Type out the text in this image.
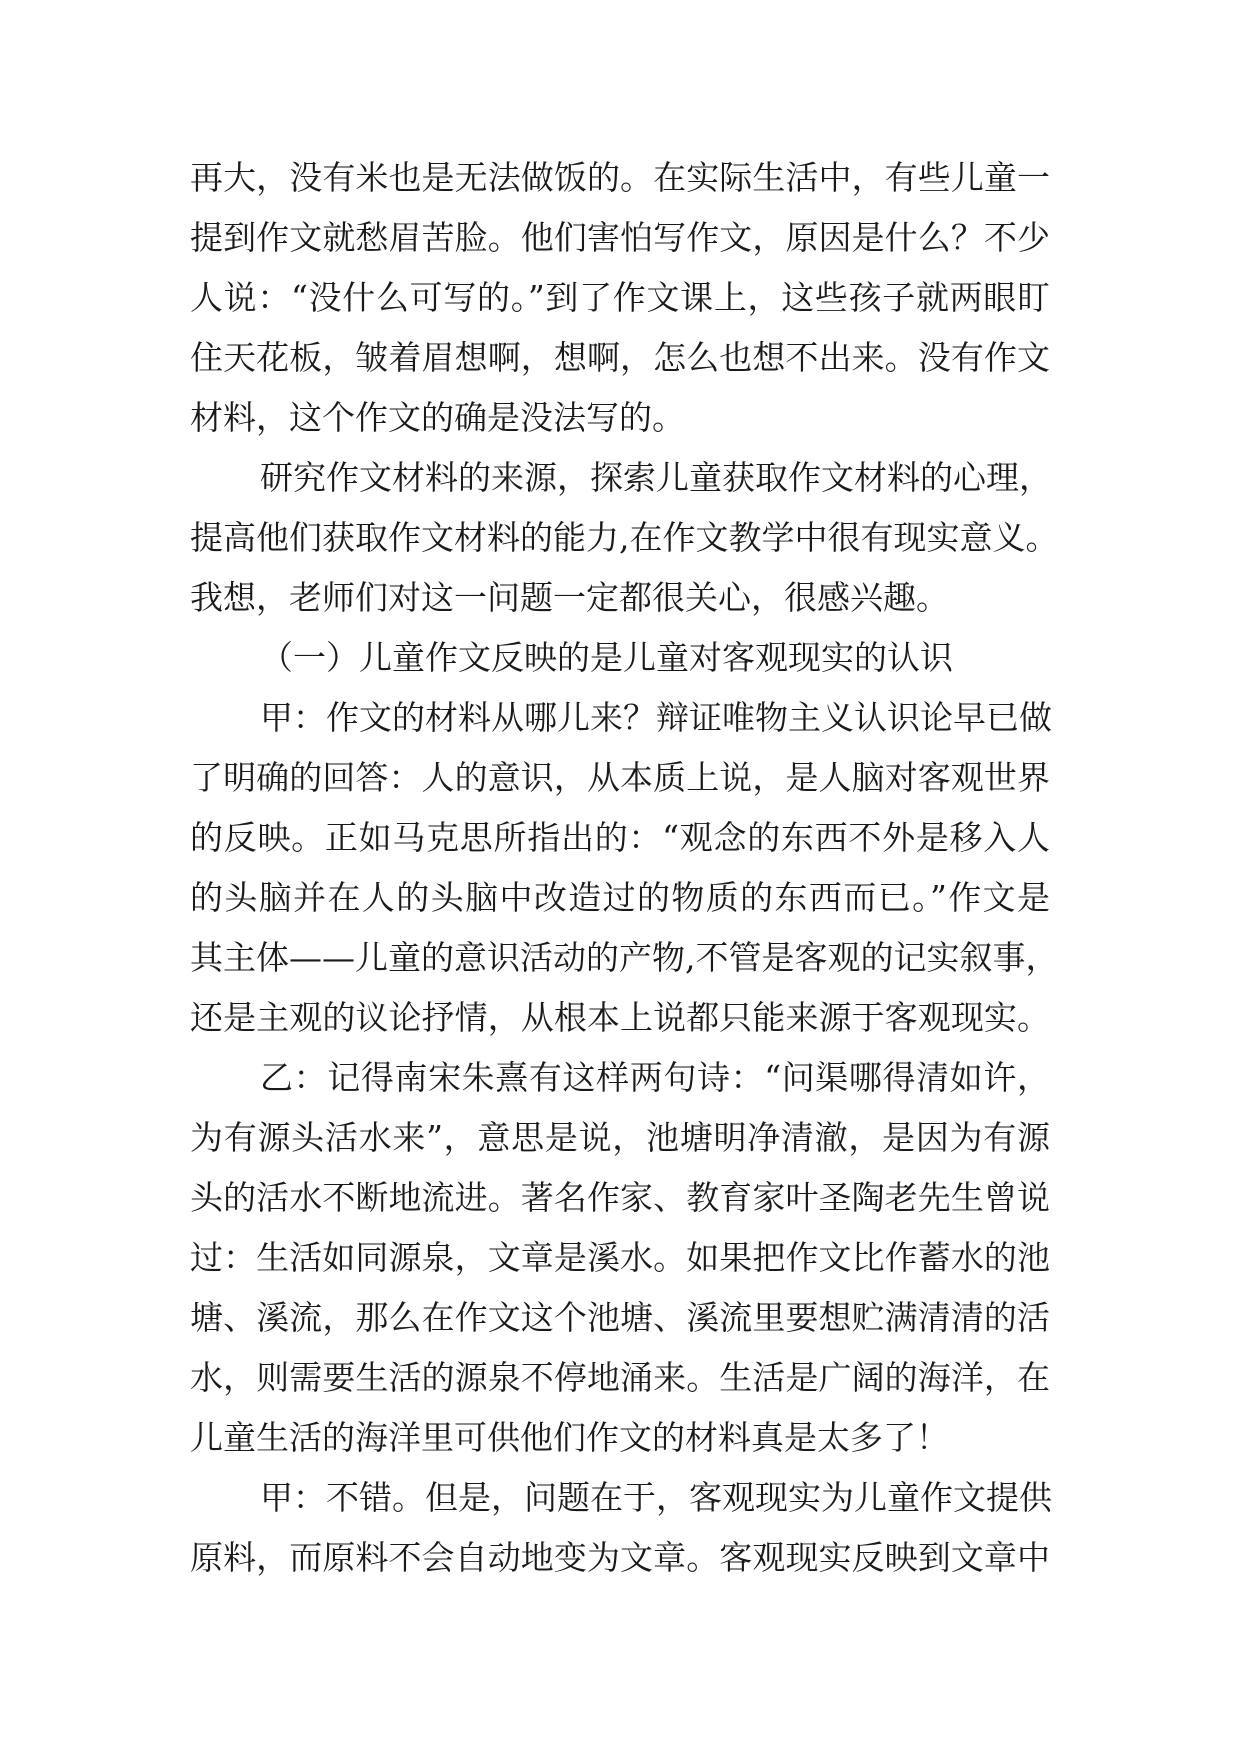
再大，没有米也是无法做饭的。在实际生活中，有些儿童一
提到作文就愁眉苦脸。他们害怕写作文，原因是什么？不少
人说：“没什么可写的。”到了作文课上，这些孩子就两眼盯
住天花板，皱着眉想啊，想啊，怎么也想不出来。没有作文
材料，这个作文的确是没法写的。
研究作文材料的来源，探索儿童获取作文材料的心理，
提高他们获取作文材料的能力,在作文教学中很有现实意义。
我想，老师们对这一问题一定都很关心，很感兴趣。
（一）儿童作文反映的是儿童对客观现实的认识
甲：作文的材料从哪儿来？辩证唯物主义认识论早已做
了明确的回答：人的意识，从本质上说，是人脑对客观世界
的反映。正如马克思所指出的：“观念的东西不外是移入人
的头脑并在人的头脑中改造过的物质的东西而已。”作文是
其主体——儿童的意识活动的产物,不管是客观的记实叙事，
还是主观的议论抒情，从根本上说都只能来源于客观现实。
乙：记得南宋朱熹有这样两句诗：“问渠哪得清如许，
为有源头活水来”，意思是说，池塘明净清澈，是因为有源
头的活水不断地流进。著名作家、教育家叶圣陶老先生曾说
过：生活如同源泉，文章是溪水。如果把作文比作蓄水的池
塘、溪流，那么在作文这个池塘、溪流里要想贮满清清的活
水，则需要生活的源泉不停地涌来。生活是广阔的海洋，在
儿童生活的海洋里可供他们作文的材料真是太多了！
甲：不错。但是，问题在于，客观现实为儿童作文提供
原料，而原料不会自动地变为文章。客观现实反映到文章中
